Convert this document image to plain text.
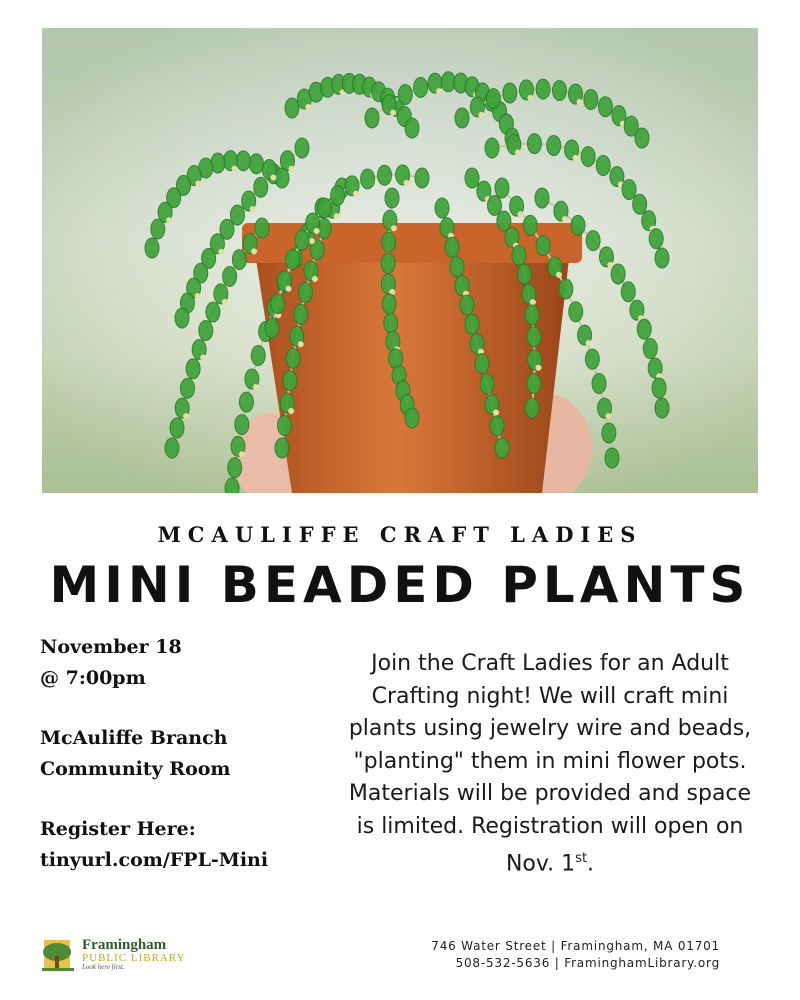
MCAULIFFE CRAFT LADIES
MINI BEADED PLANTS
November 18
@ 7:00pm
McAuliffe Branch
Community Room
Register Here:
tinyurl.com/FPL-Mini
Join the Craft Ladies for an Adult Crafting night! We will craft mini plants using jewelry wire and beads, "planting" them in mini flower pots. Materials will be provided and space is limited. Registration will open on Nov. 1st.
Framingham
PUBLIC LIBRARY
Look here first.
746 Water Street | Framingham, MA 01701
508-532-5636 | FraminghamLibrary.org
